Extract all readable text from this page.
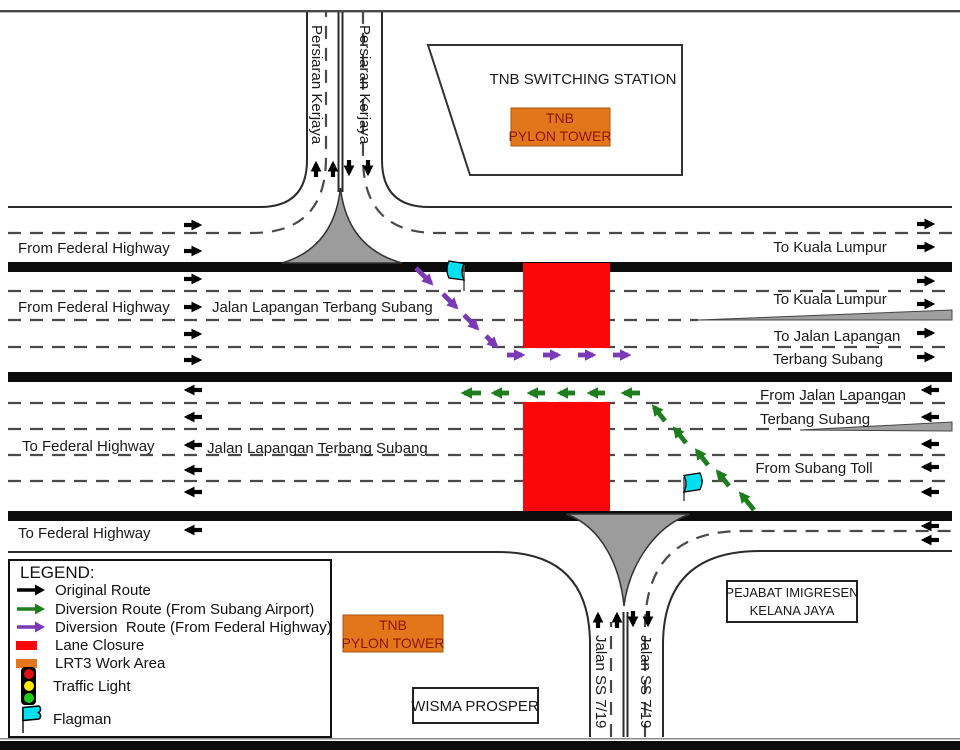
TNB SWITCHING STATION
TNB
PYLON TOWER
TNB
PYLON TOWER
WISMA PROSPER
PEJABAT IMIGRESEN
KELANA JAYA
Persiaran Kerjaya Persiaran Kerjaya
Jalan SS 7/19 Jalan SS 7/19
From Federal Highway
From Federal Highway	Jalan Lapangan Terbang Subang
To Federal Highway	Jalan Lapangan Terbang Subang
To Federal Highway
To Kuala Lumpur
To Kuala Lumpur
To Jalan Lapangan
Terbang Subang
From Jalan Lapangan
Terbang Subang
From Subang Toll
LEGEND:
Original Route
Diversion Route (From Subang Airport)
Diversion  Route (From Federal Highway)
Lane Closure
LRT3 Work Area
Traffic Light
Flagman
